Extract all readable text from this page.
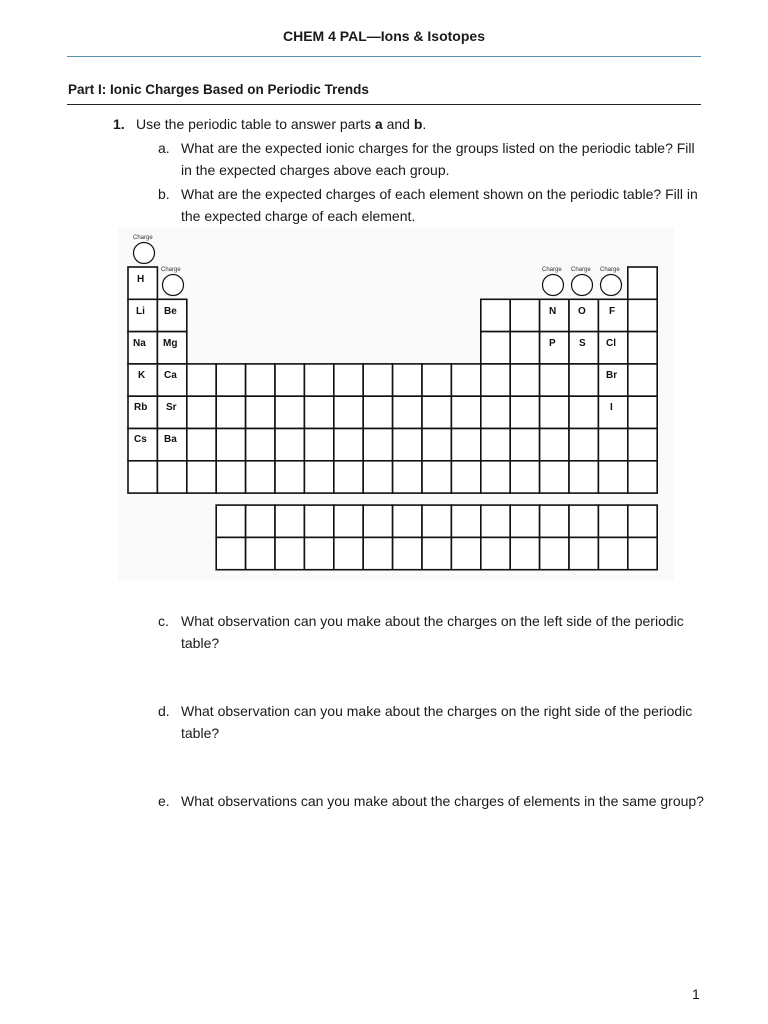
CHEM 4 PAL—Ions & Isotopes
Part I: Ionic Charges Based on Periodic Trends
1. Use the periodic table to answer parts a and b.
a. What are the expected ionic charges for the groups listed on the periodic table? Fill in the expected charges above each group.
b. What are the expected charges of each element shown on the periodic table? Fill in the expected charge of each element.
Charge
Charge	Charge Charge Charge
H
Li Be
Na Mg
K Ca
Rb Sr
Cs Ba
N O F
P S Cl
Br
I
c. What observation can you make about the charges on the left side of the periodic table?
d. What observation can you make about the charges on the right side of the periodic table?
e. What observations can you make about the charges of elements in the same group?
1
